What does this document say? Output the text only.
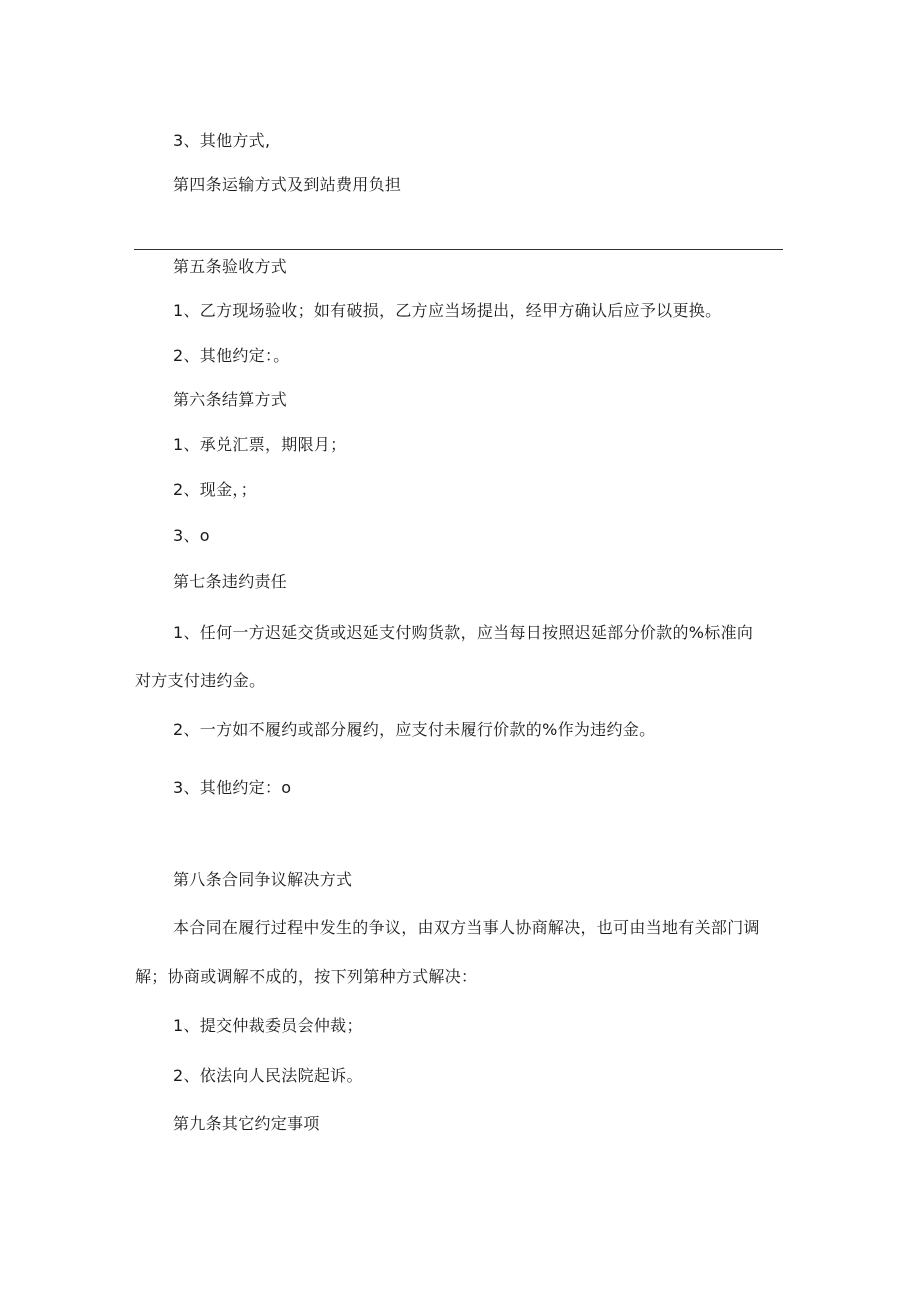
3、其他方式,
第四条运输方式及到站费用负担
第五条验收方式
1、乙方现场验收；如有破损，乙方应当场提出，经甲方确认后应予以更换。
2、其他约定：。
第六条结算方式
1、承兑汇票，期限月；
2、现金，；
3、o
第七条违约责任
1、任何一方迟延交货或迟延支付购货款，应当每日按照迟延部分价款的%标准向
对方支付违约金。
2、一方如不履约或部分履约，应支付未履行价款的%作为违约金。
3、其他约定：o
第八条合同争议解决方式
本合同在履行过程中发生的争议，由双方当事人协商解决，也可由当地有关部门调
解；协商或调解不成的，按下列第种方式解决：
1、提交仲裁委员会仲裁；
2、依法向人民法院起诉。
第九条其它约定事项
